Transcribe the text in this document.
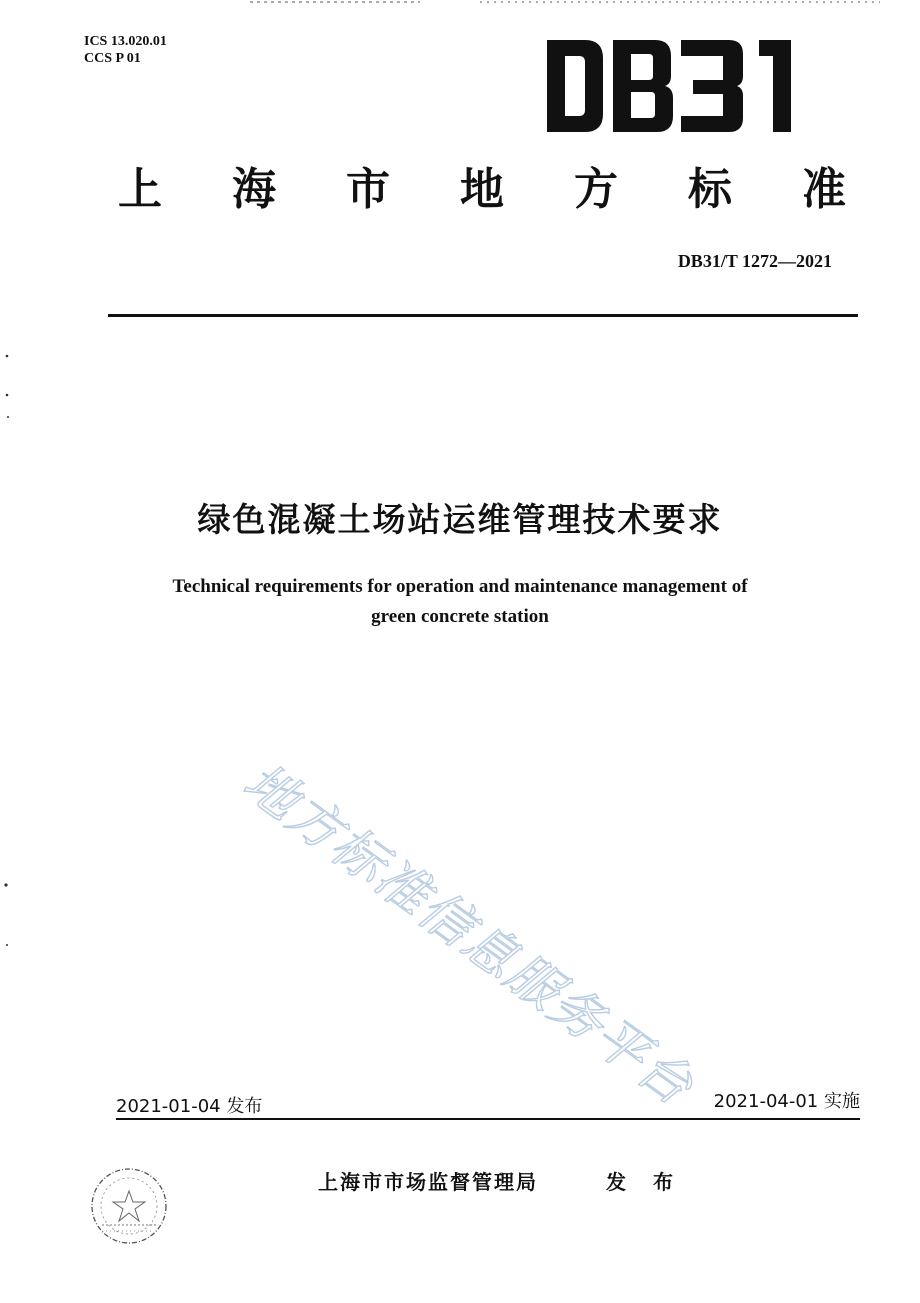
ICS 13.020.01
CCS P 01
上 海 市 地 方 标 准
DB31/T 1272—2021
绿色混凝土场站运维管理技术要求
Technical requirements for operation and maintenance management of
green concrete station
地方标准信息服务平台
2021-01-04 发布	2021-04-01 实施
上海市市场监督管理局	发 布
